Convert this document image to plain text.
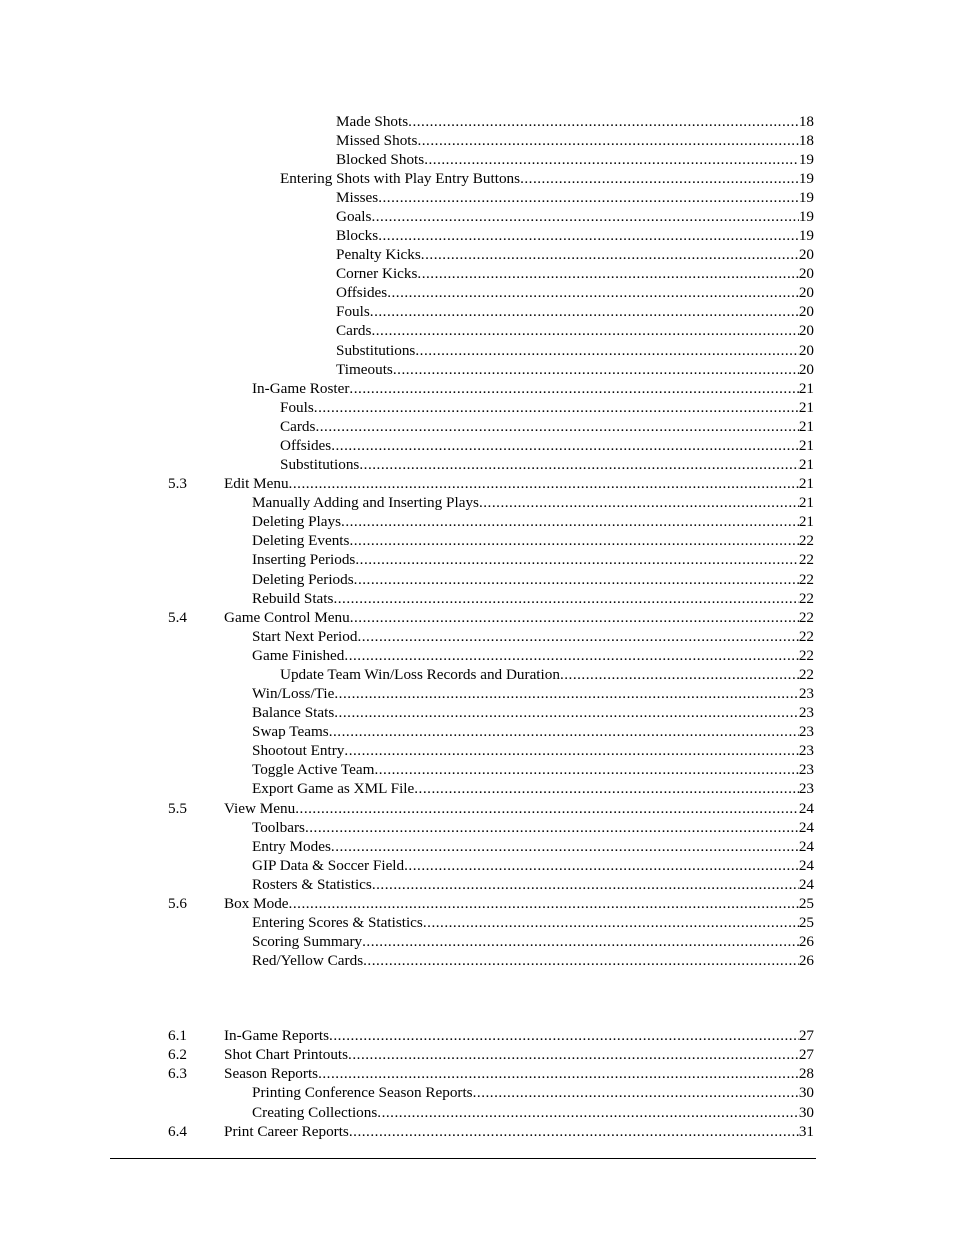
Made Shots .....	18
Missed Shots .....	18
Blocked Shots .....	19
Entering Shots with Play Entry Buttons .....	19
Misses .....	19
Goals .....	19
Blocks .....	19
Penalty Kicks .....	20
Corner Kicks .....	20
Offsides .....	20
Fouls .....	20
Cards .....	20
Substitutions .....	20
Timeouts .....	20
In-Game Roster .....	21
Fouls .....	21
Cards .....	21
Offsides .....	21
Substitutions .....	21
5.3 Edit Menu .....	21
Manually Adding and Inserting Plays .....	21
Deleting Plays .....	21
Deleting Events .....	22
Inserting Periods .....	22
Deleting Periods .....	22
Rebuild Stats .....	22
5.4 Game Control Menu .....	22
Start Next Period .....	22
Game Finished .....	22
Update Team Win/Loss Records and Duration .....	22
Win/Loss/Tie .....	23
Balance Stats .....	23
Swap Teams .....	23
Shootout Entry .....	23
Toggle Active Team .....	23
Export Game as XML File .....	23
5.5 View Menu .....	24
Toolbars .....	24
Entry Modes .....	24
GIP Data & Soccer Field .....	24
Rosters & Statistics .....	24
5.6 Box Mode .....	25
Entering Scores & Statistics .....	25
Scoring Summary .....	26
Red/Yellow Cards .....	26
6.1 In-Game Reports .....	27
6.2 Shot Chart Printouts .....	27
6.3 Season Reports .....	28
Printing Conference Season Reports .....	30
Creating Collections .....	30
6.4 Print Career Reports .....	31
